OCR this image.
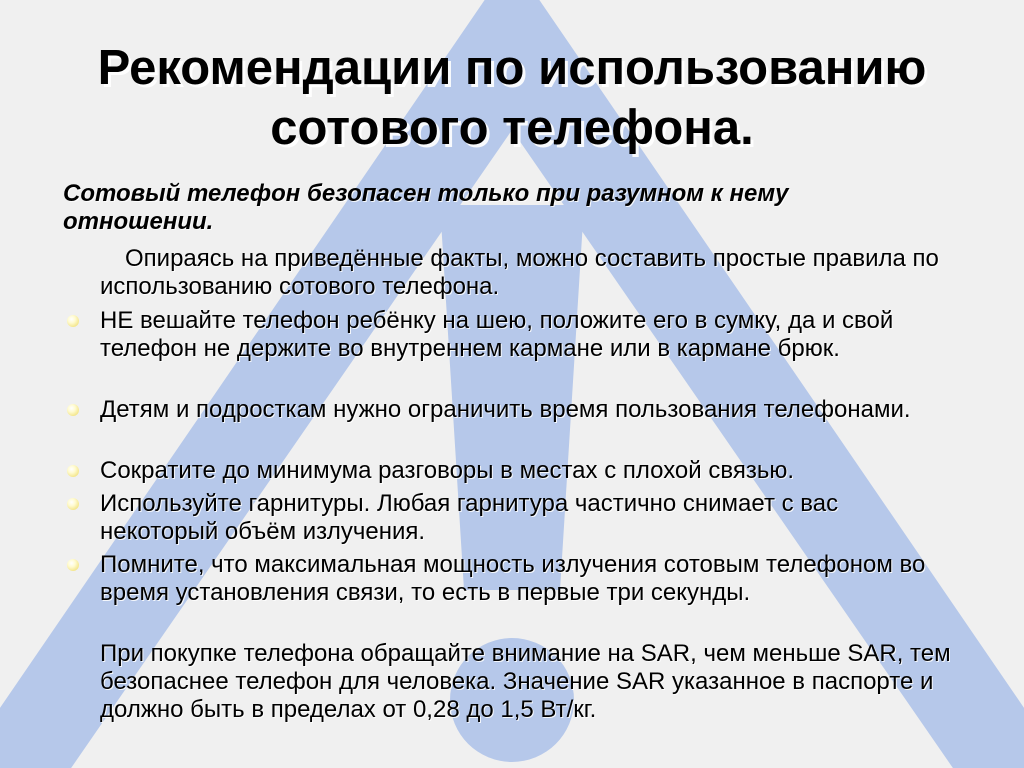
Рекомендации по использованию
сотового телефона.

Сотовый телефон безопасен только при разумном к нему отношении.

Опираясь на приведённые факты, можно составить простые правила по использованию сотового телефона.

НЕ вешайте телефон ребёнку на шею, положите его в сумку, да и свой телефон не держите во внутреннем кармане или в кармане брюк.
Детям и подросткам нужно ограничить время пользования телефонами.
Сократите до минимума разговоры в местах с плохой связью.
Используйте гарнитуры. Любая гарнитура частично снимает с вас некоторый объём излучения.
Помните, что максимальная мощность излучения сотовым телефоном во время установления связи, то есть в первые три секунды.

При покупке телефона обращайте внимание на SAR, чем меньше SAR, тем безопаснее телефон для человека. Значение SAR указанное в паспорте и должно быть в пределах от 0,28 до 1,5 Вт/кг.
